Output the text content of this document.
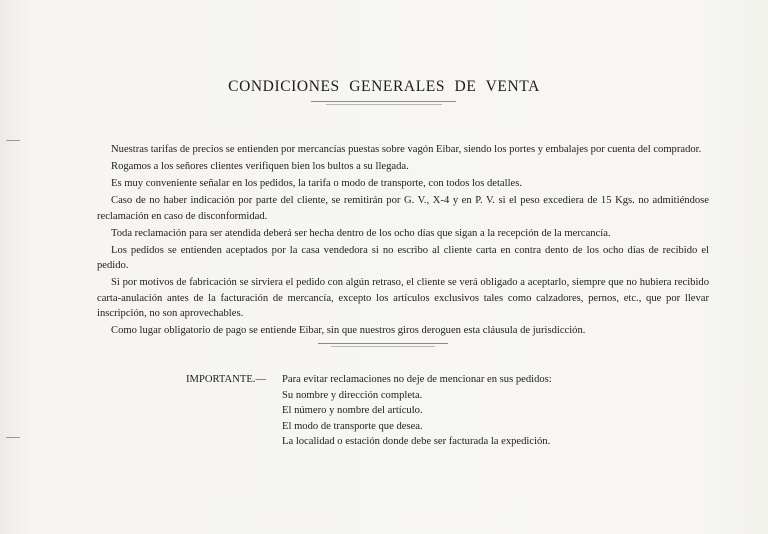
CONDICIONES GENERALES DE VENTA

Nuestras tarifas de precios se entienden por mercancías puestas sobre vagón Eibar, siendo los portes y embalajes por cuenta del comprador.

Rogamos a los señores clientes verifiquen bien los bultos a su llegada.

Es muy conveniente señalar en los pedidos, la tarifa o modo de transporte, con todos los detalles.

Caso de no haber indicación por parte del cliente, se remitirán por G. V., X-4 y en P. V. si el peso excediera de 15 Kgs. no admitiéndose reclamación en caso de disconformidad.

Toda reclamación para ser atendida deberá ser hecha dentro de los ocho días que sigan a la recepción de la mercancía.

Los pedidos se entienden aceptados por la casa vendedora si no escribo al cliente carta en contra dento de los ocho días de recibido el pedido.

Si por motivos de fabricación se sirviera el pedido con algún retraso, el cliente se verá obligado a aceptarlo, siempre que no hubiera recibido carta-anulación antes de la facturación de mercancía, excepto los artículos exclusivos tales como calzadores, pernos, etc., que por llevar inscripción, no son aprovechables.

Como lugar obligatorio de pago se entiende Eibar, sin que nuestros giros deroguen esta cláusula de jurisdicción.

IMPORTANTE.— Para evitar reclamaciones no deje de mencionar en sus pedidos:
Su nombre y dirección completa.
El número y nombre del artículo.
El modo de transporte que desea.
La localidad o estación donde debe ser facturada la expedición.
